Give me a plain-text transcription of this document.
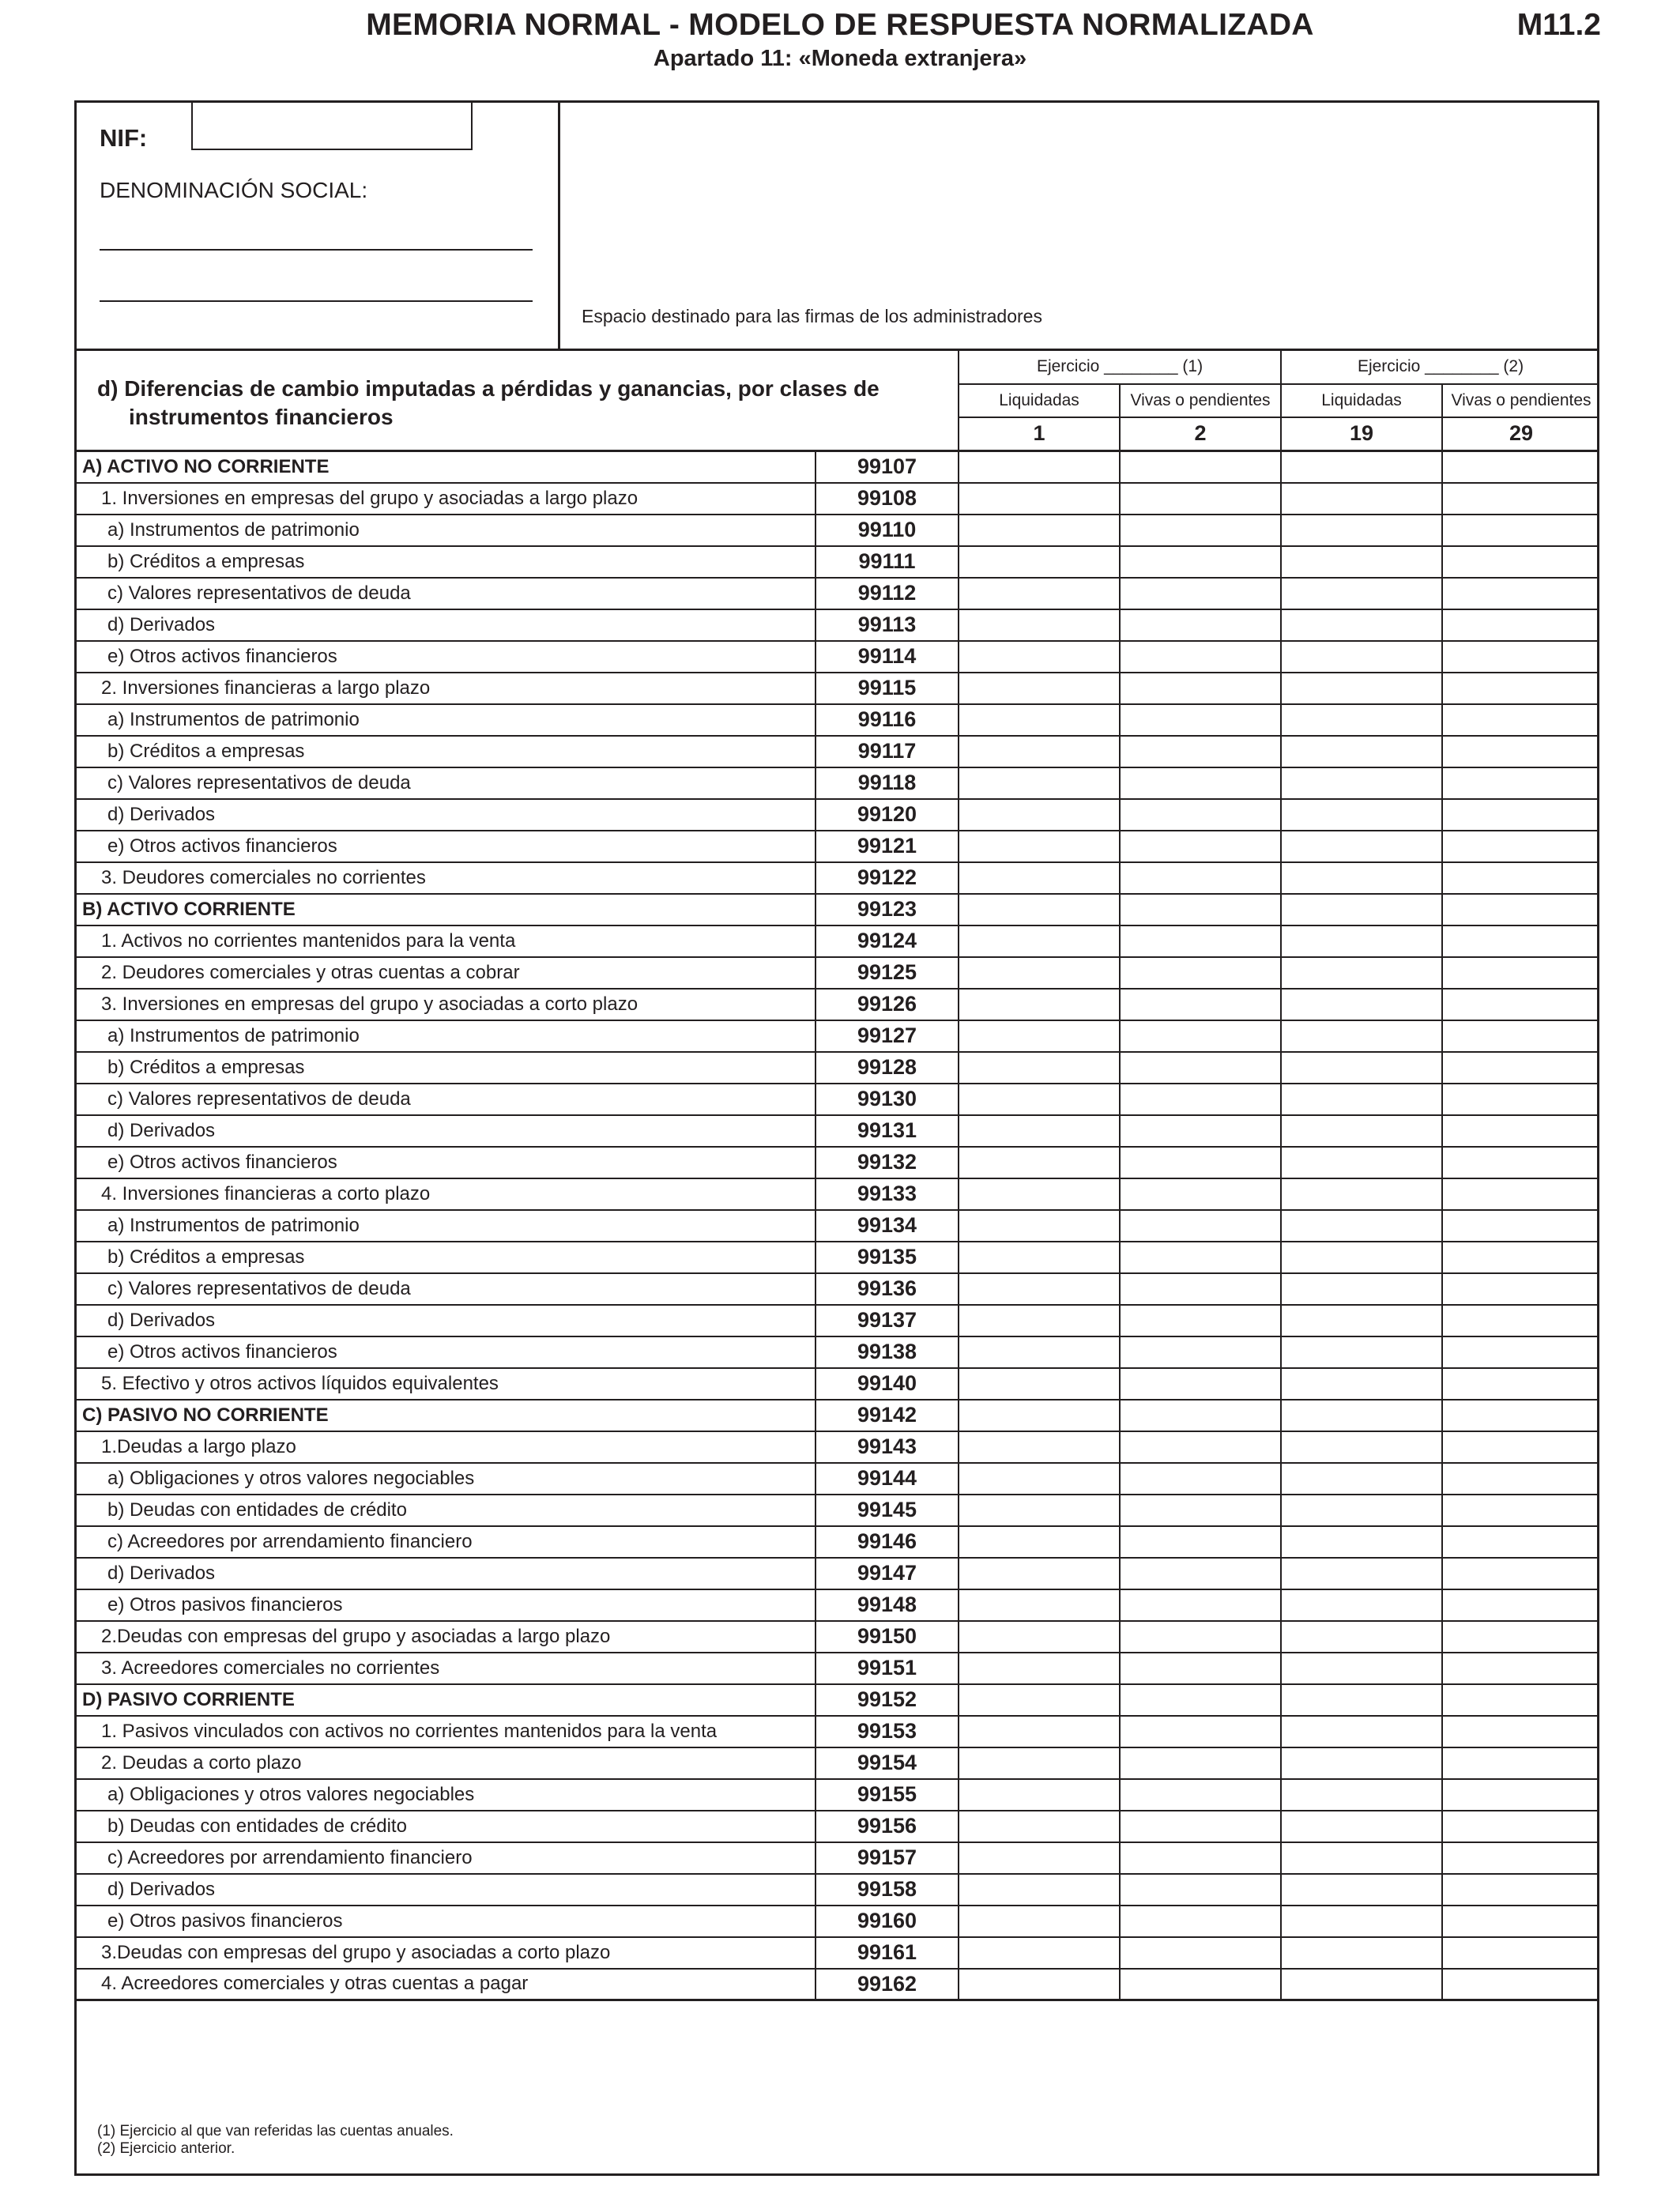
MEMORIA NORMAL - MODELO DE RESPUESTA NORMALIZADA
Apartado 11: «Moneda extranjera»
M11.2
NIF:
DENOMINACIÓN SOCIAL:
Espacio destinado para las firmas de los administradores
d) Diferencias de cambio imputadas a pérdidas y ganancias, por clases de
instrumentos financieros		Ejercicio ________ (1)		Ejercicio ________ (2)	
		Liquidadas	Vivas o pendientes	Liquidadas	Vivas o pendientes
		1	2	19	29
A) ACTIVO NO CORRIENTE	99107				
1. Inversiones en empresas del grupo y asociadas a largo plazo	99108				
a) Instrumentos de patrimonio	99110				
b) Créditos a empresas	99111				
c) Valores representativos de deuda	99112				
d) Derivados	99113				
e) Otros activos financieros	99114				
2. Inversiones financieras a largo plazo	99115				
a) Instrumentos de patrimonio	99116				
b) Créditos a empresas	99117				
c) Valores representativos de deuda	99118				
d) Derivados	99120				
e) Otros activos financieros	99121				
3. Deudores comerciales no corrientes	99122				
B) ACTIVO CORRIENTE	99123				
1. Activos no corrientes mantenidos para la venta	99124				
2. Deudores comerciales y otras cuentas a cobrar	99125				
3. Inversiones en empresas del grupo y asociadas a corto plazo	99126				
a) Instrumentos de patrimonio	99127				
b) Créditos a empresas	99128				
c) Valores representativos de deuda	99130				
d) Derivados	99131				
e) Otros activos financieros	99132				
4. Inversiones financieras a corto plazo	99133				
a) Instrumentos de patrimonio	99134				
b) Créditos a empresas	99135				
c) Valores representativos de deuda	99136				
d) Derivados	99137				
e) Otros activos financieros	99138				
5. Efectivo y otros activos líquidos equivalentes	99140				
C) PASIVO NO CORRIENTE	99142				
1.Deudas a largo plazo	99143				
a) Obligaciones y otros valores negociables	99144				
b) Deudas con entidades de crédito	99145				
c) Acreedores por arrendamiento financiero	99146				
d) Derivados	99147				
e) Otros pasivos financieros	99148				
2.Deudas con empresas del grupo y asociadas a largo plazo	99150				
3. Acreedores comerciales no corrientes	99151				
D) PASIVO CORRIENTE	99152				
1. Pasivos vinculados con activos no corrientes mantenidos para la venta	99153				
2. Deudas a corto plazo	99154				
a) Obligaciones y otros valores negociables	99155				
b) Deudas con entidades de crédito	99156				
c) Acreedores por arrendamiento financiero	99157				
d) Derivados	99158				
e) Otros pasivos financieros	99160				
3.Deudas con empresas del grupo y asociadas a corto plazo	99161				
4. Acreedores comerciales y otras cuentas a pagar	99162				
(1) Ejercicio al que van referidas las cuentas anuales.
(2) Ejercicio anterior.
